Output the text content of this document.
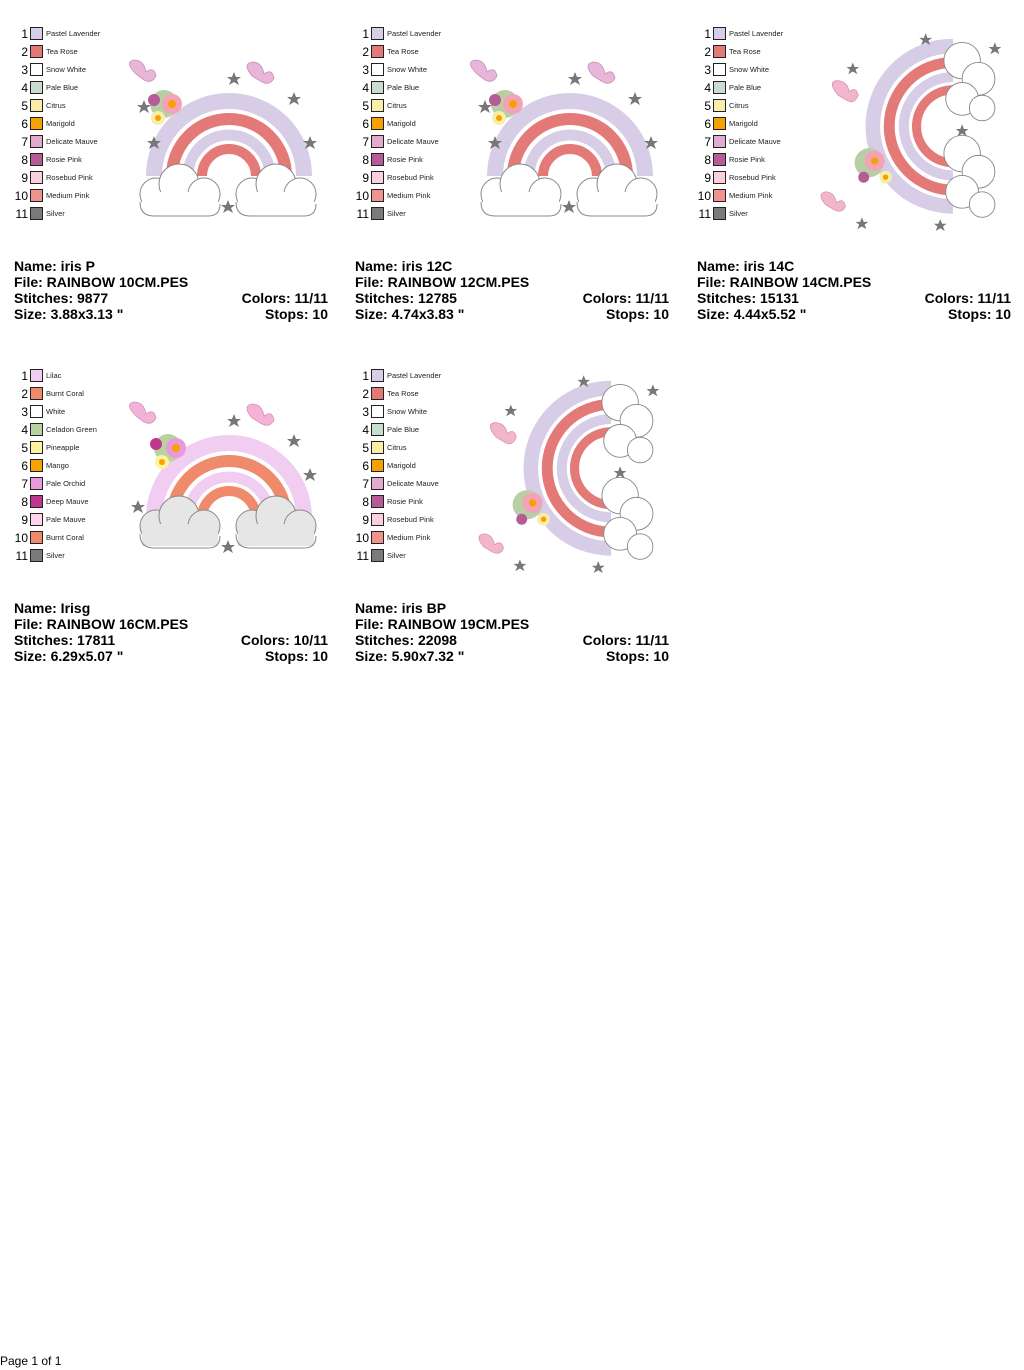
1 Pastel Lavender
2 Tea Rose
3 Snow White
4 Pale Blue
5 Citrus
6 Marigold
7 Delicate Mauve
8 Rosie Pink
9 Rosebud Pink
10 Medium Pink
11 Silver
Name: iris P
File: RAINBOW 10CM.PES
Stitches: 9877	Colors: 11/11
Size: 3.88x3.13 "	Stops: 10
1 Pastel Lavender
2 Tea Rose
3 Snow White
4 Pale Blue
5 Citrus
6 Marigold
7 Delicate Mauve
8 Rosie Pink
9 Rosebud Pink
10 Medium Pink
11 Silver
Name: iris 12C
File: RAINBOW 12CM.PES
Stitches: 12785	Colors: 11/11
Size: 4.74x3.83 "	Stops: 10
1 Pastel Lavender
2 Tea Rose
3 Snow White
4 Pale Blue
5 Citrus
6 Marigold
7 Delicate Mauve
8 Rosie Pink
9 Rosebud Pink
10 Medium Pink
11 Silver
Name: iris 14C
File: RAINBOW 14CM.PES
Stitches: 15131	Colors: 11/11
Size: 4.44x5.52 "	Stops: 10
1 Lilac
2 Burnt Coral
3 White
4 Celadon Green
5 Pineapple
6 Mango
7 Pale Orchid
8 Deep Mauve
9 Pale Mauve
10 Burnt Coral
11 Silver
Name: Irisg
File: RAINBOW 16CM.PES
Stitches: 17811	Colors: 10/11
Size: 6.29x5.07 "	Stops: 10
1 Pastel Lavender
2 Tea Rose
3 Snow White
4 Pale Blue
5 Citrus
6 Marigold
7 Delicate Mauve
8 Rosie Pink
9 Rosebud Pink
10 Medium Pink
11 Silver
Name: iris BP
File: RAINBOW 19CM.PES
Stitches: 22098	Colors: 11/11
Size: 5.90x7.32 "	Stops: 10
Page 1 of 1
